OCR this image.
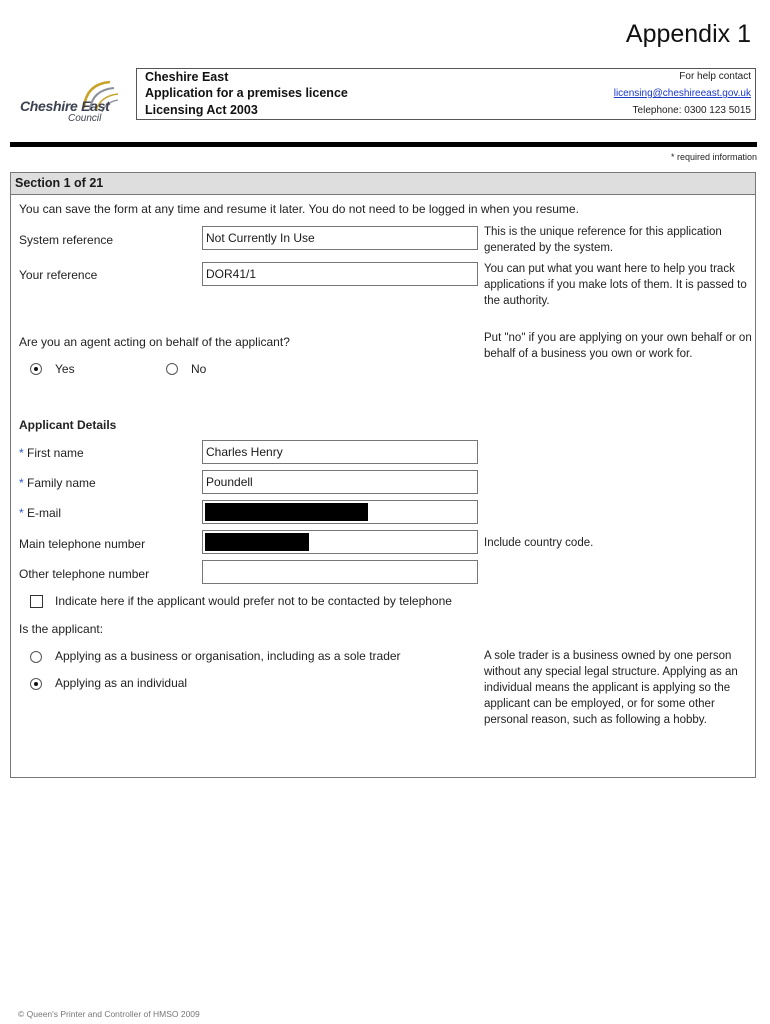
Appendix 1
Cheshire East
Council
Cheshire East
Application for a premises licence
Licensing Act 2003
For help contact
licensing@cheshireeast.gov.uk
Telephone: 0300 123 5015
* required information
Section 1 of 21
You can save the form at any time and resume it later. You do not need to be logged in when you resume.
System reference	Not Currently In Use	This is the unique reference for this application generated by the system.
Your reference	DOR41/1	You can put what you want here to help you track applications if you make lots of them. It is passed to the authority.
Are you an agent acting on behalf of the applicant?	Put "no" if you are applying on your own behalf or on behalf of a business you own or work for.
Yes	No
Applicant Details
* First name	Charles Henry
* Family name	Poundell
* E-mail
Main telephone number	Include country code.
Other telephone number
Indicate here if the applicant would prefer not to be contacted by telephone
Is the applicant:
Applying as a business or organisation, including as a sole trader
Applying as an individual
A sole trader is a business owned by one person without any special legal structure. Applying as an individual means the applicant is applying so the applicant can be employed, or for some other personal reason, such as following a hobby.
© Queen's Printer and Controller of HMSO 2009
